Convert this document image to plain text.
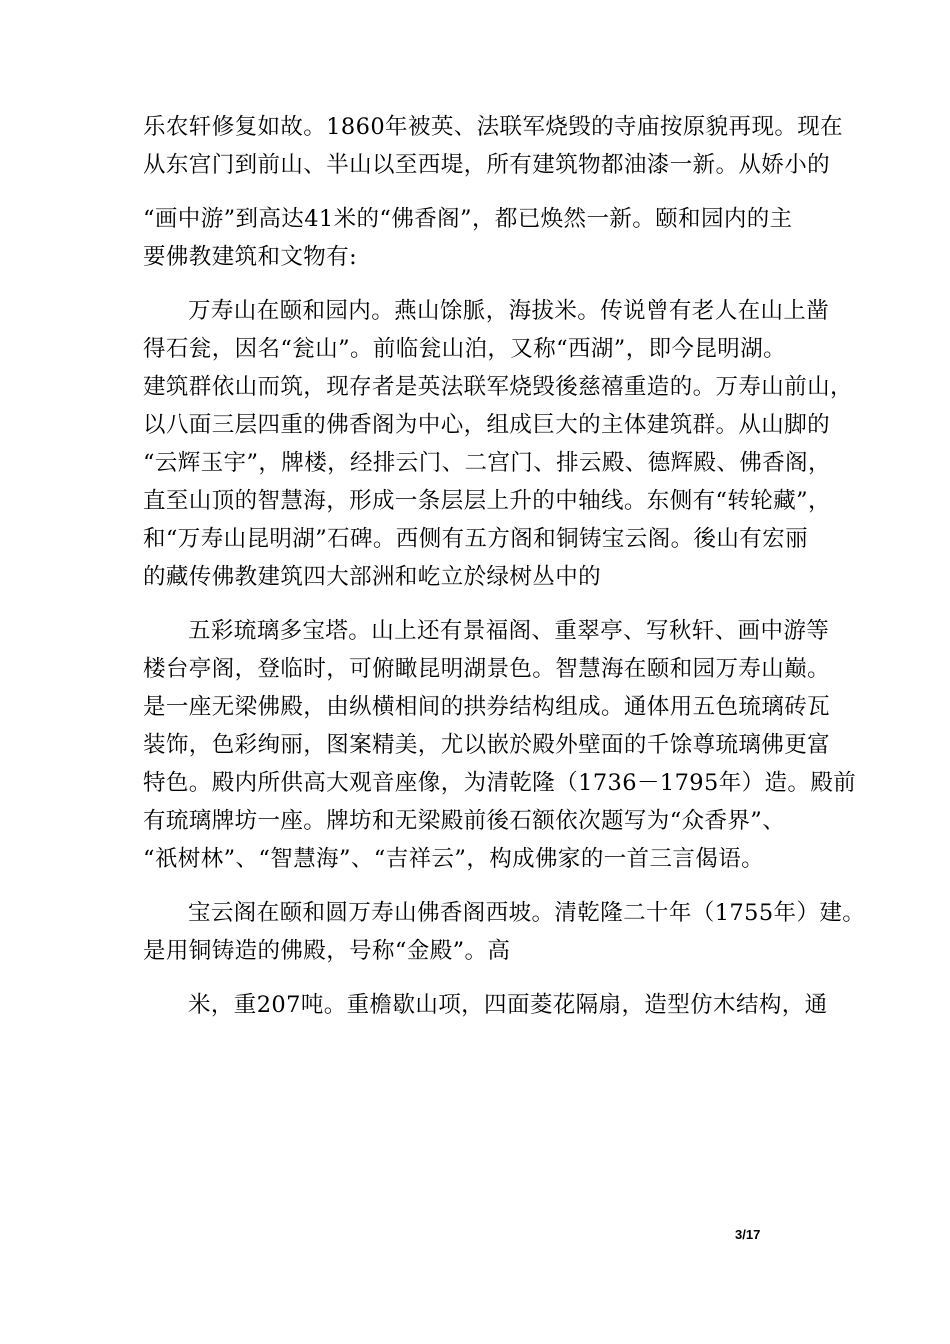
乐农轩修复如故。1860年被英、法联军烧毁的寺庙按原貌再现。现在
从东宫门到前山、半山以至西堤，所有建筑物都油漆一新。从娇小的
“画中游”到高达41米的“佛香阁”，都已焕然一新。颐和园内的主
要佛教建筑和文物有:
万寿山在颐和园内。燕山馀脈，海拔米。传说曾有老人在山上凿
得石瓮，因名“瓮山”。前临瓮山泊，又称“西湖”，即今昆明湖。
建筑群依山而筑，现存者是英法联军烧毁後慈禧重造的。万寿山前山，
以八面三层四重的佛香阁为中心，组成巨大的主体建筑群。从山脚的
“云辉玉宇”，牌楼，经排云门、二宫门、排云殿、德辉殿、佛香阁，
直至山顶的智慧海，形成一条层层上升的中轴线。东侧有“转轮藏”，
和“万寿山昆明湖”石碑。西侧有五方阁和铜铸宝云阁。後山有宏丽
的藏传佛教建筑四大部洲和屹立於绿树丛中的
五彩琉璃多宝塔。山上还有景福阁、重翠亭、写秋轩、画中游等
楼台亭阁，登临时，可俯瞰昆明湖景色。智慧海在颐和园万寿山巅。
是一座无梁佛殿，由纵横相间的拱券结构组成。通体用五色琉璃砖瓦
装饰，色彩绚丽，图案精美，尤以嵌於殿外壁面的千馀尊琉璃佛更富
特色。殿内所供高大观音座像，为清乾隆（1736－1795年）造。殿前
有琉璃牌坊一座。牌坊和无梁殿前後石额依次题写为“众香界”、
“祇树林”、“智慧海”、“吉祥云”，构成佛家的一首三言偈语。
宝云阁在颐和圆万寿山佛香阁西坡。清乾隆二十年（1755年）建。
是用铜铸造的佛殿，号称“金殿”。高
米，重207吨。重檐歇山项，四面菱花隔扇，造型仿木结构，通
3/17
